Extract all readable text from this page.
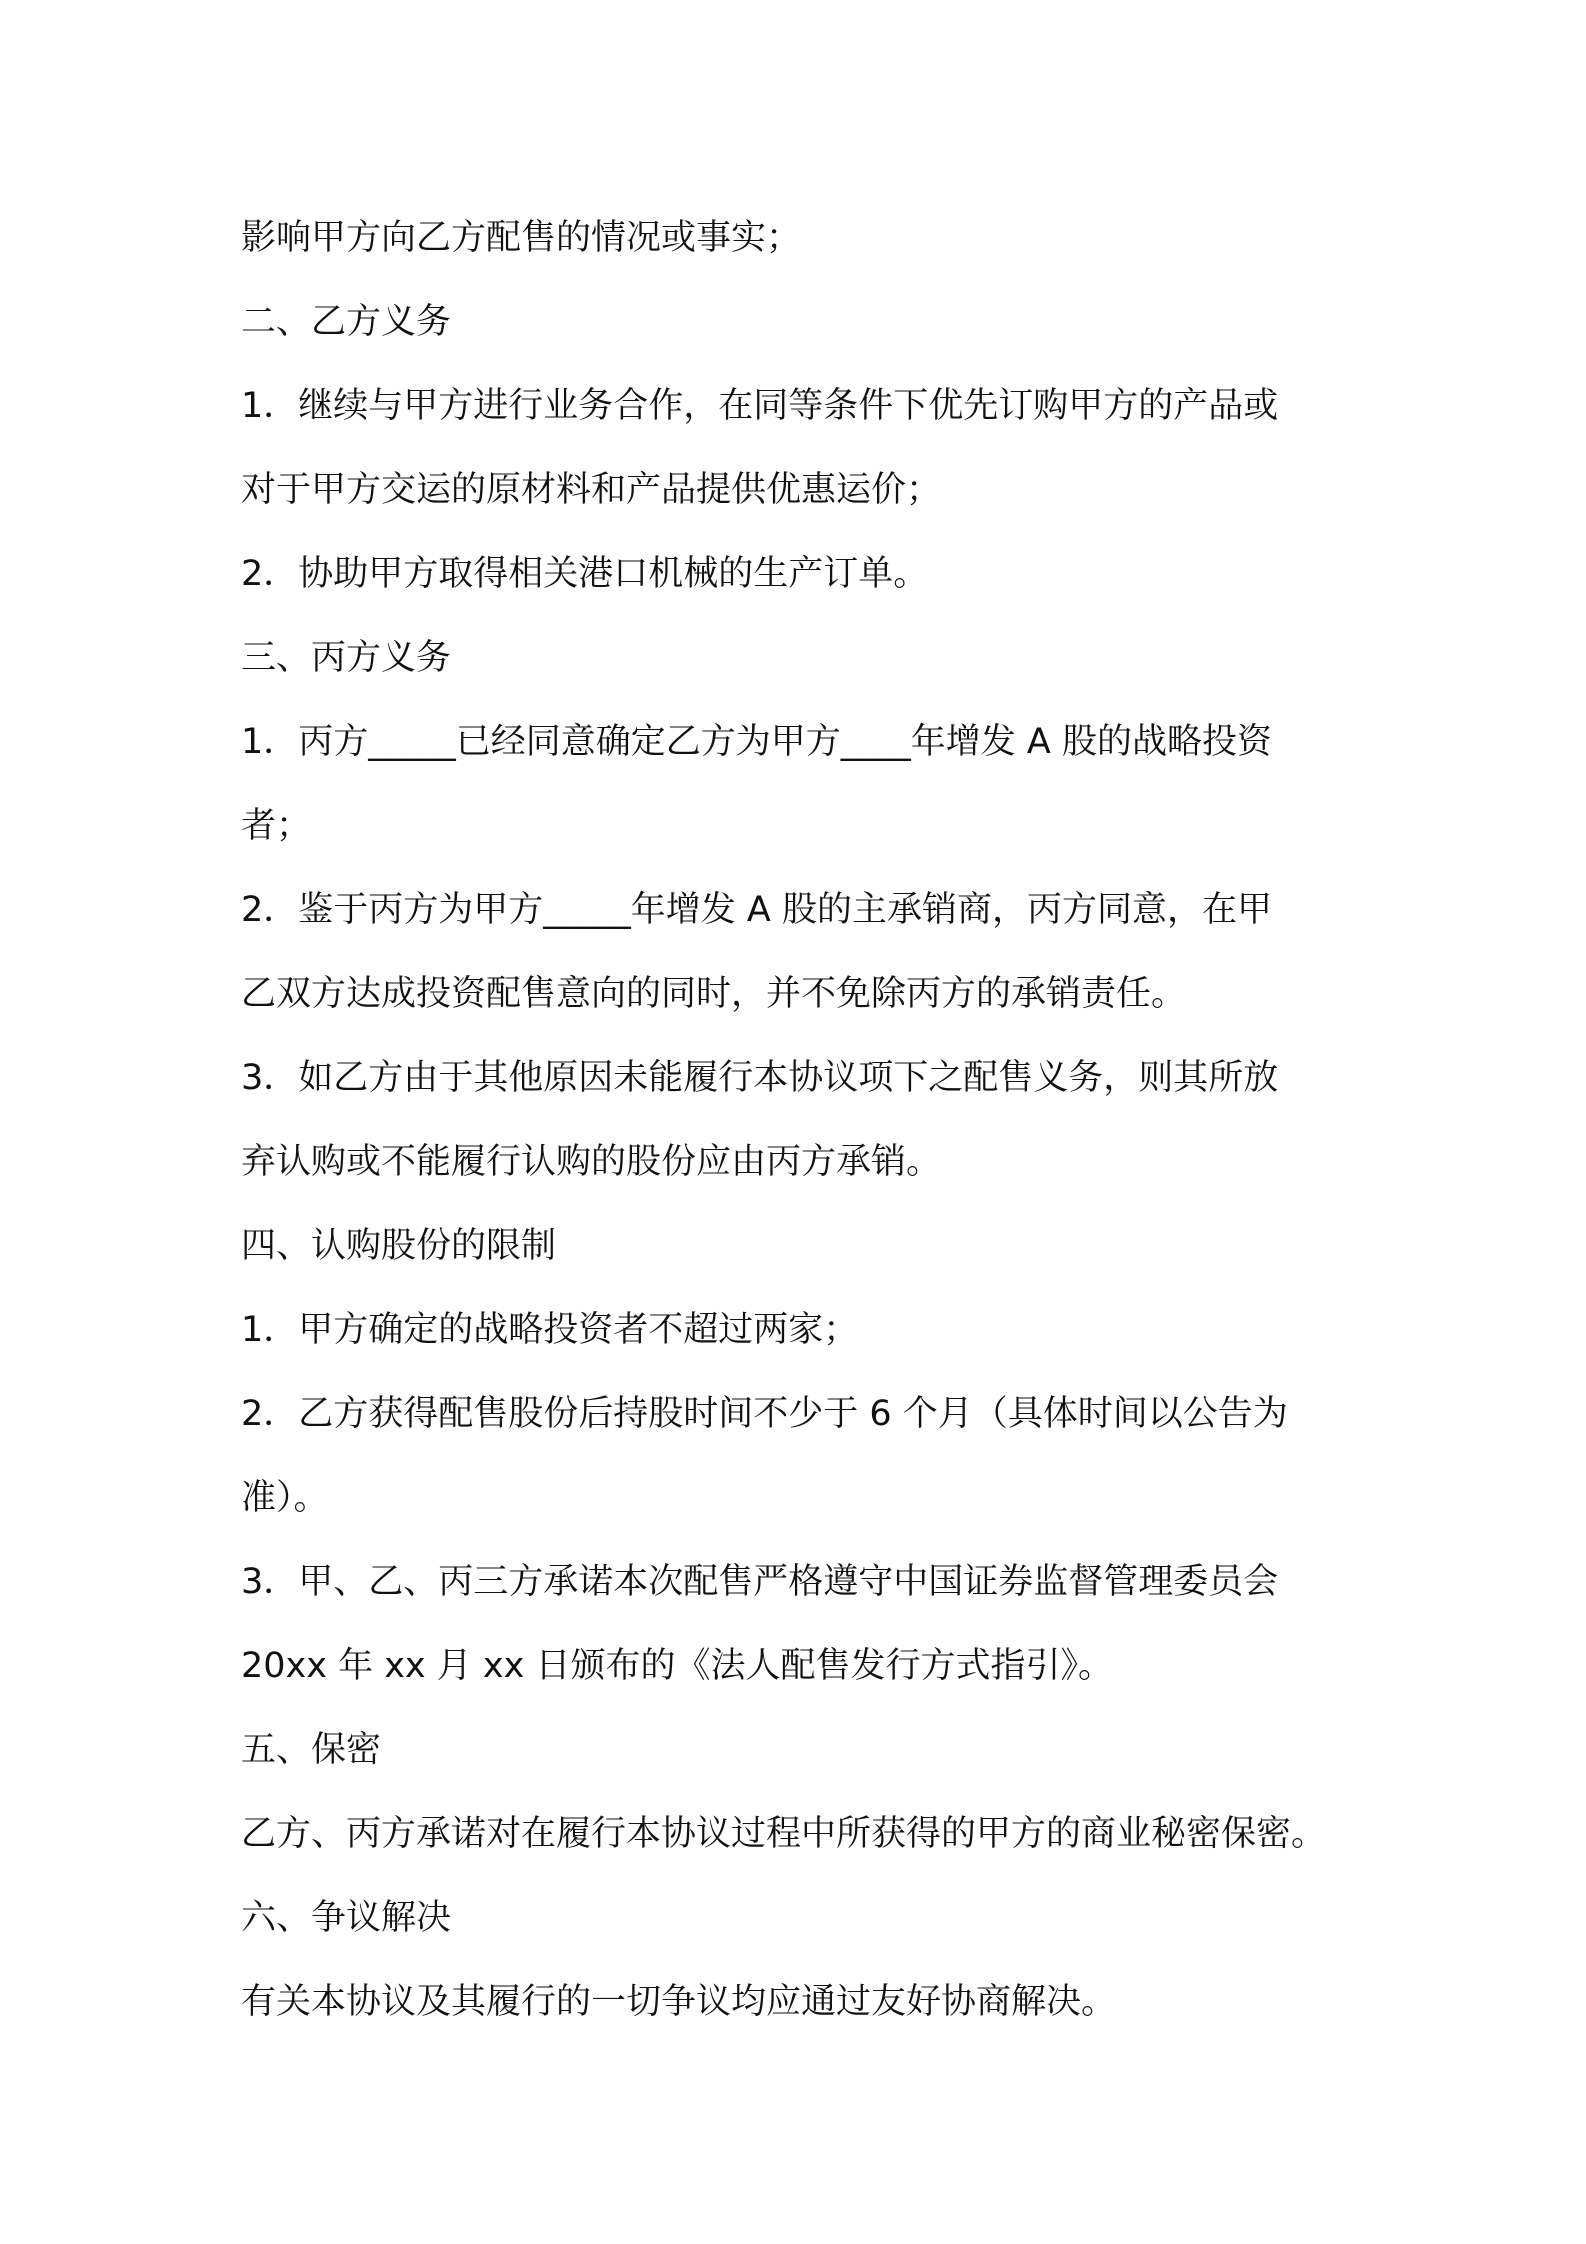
影响甲方向乙方配售的情况或事实；

二、乙方义务

1．继续与甲方进行业务合作，在同等条件下优先订购甲方的产品或

对于甲方交运的原材料和产品提供优惠运价；

2．协助甲方取得相关港口机械的生产订单。

三、丙方义务

1．丙方_____已经同意确定乙方为甲方____年增发 A 股的战略投资

者；

2．鉴于丙方为甲方_____年增发 A 股的主承销商，丙方同意，在甲

乙双方达成投资配售意向的同时，并不免除丙方的承销责任。

3．如乙方由于其他原因未能履行本协议项下之配售义务，则其所放

弃认购或不能履行认购的股份应由丙方承销。

四、认购股份的限制

1．甲方确定的战略投资者不超过两家；

2．乙方获得配售股份后持股时间不少于 6 个月（具体时间以公告为

准）。

3．甲、乙、丙三方承诺本次配售严格遵守中国证券监督管理委员会

20xx 年 xx 月 xx 日颁布的《法人配售发行方式指引》。

五、保密

乙方、丙方承诺对在履行本协议过程中所获得的甲方的商业秘密保密。

六、争议解决

有关本协议及其履行的一切争议均应通过友好协商解决。
